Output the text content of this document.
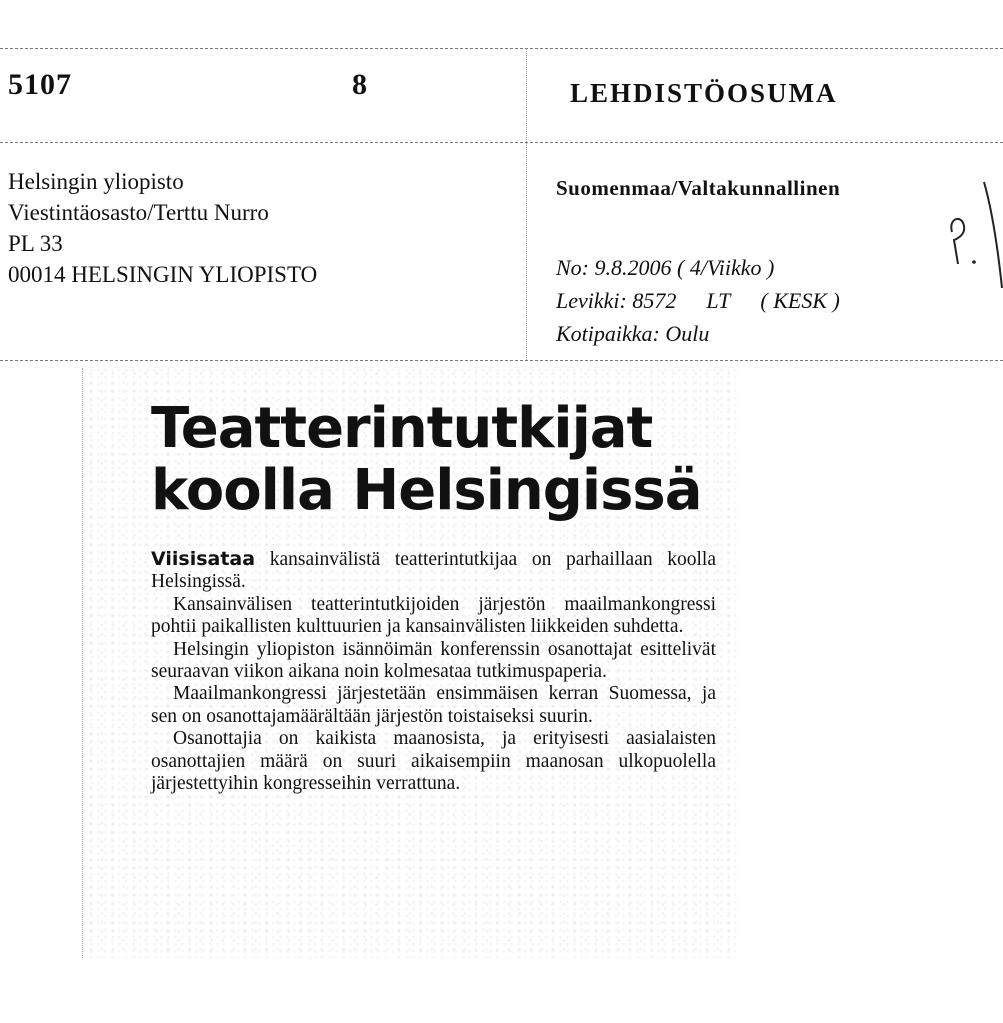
5107	8	LEHDISTÖOSUMA
Helsingin yliopisto
Viestintäosasto/Terttu Nurro
PL 33
00014 HELSINGIN YLIOPISTO
Suomenmaa/Valtakunnallinen
No: 9.8.2006 ( 4/Viikko )
Levikki: 8572 LT ( KESK )
Kotipaikka: Oulu
Teatterintutkijat
koolla Helsingissä

Viisisataa kansainvälistä teatterintutkijaa on parhaillaan koolla Helsingissä.

Kansainvälisen teatterintutkijoiden järjestön maailmankongressi pohtii paikallisten kulttuurien ja kansainvälisten liikkeiden suhdetta.

Helsingin yliopiston isännöimän konferenssin osanottajat esittelivät seuraavan viikon aikana noin kolmesataa tutkimuspaperia.

Maailmankongressi järjestetään ensimmäisen kerran Suomessa, ja sen on osanottajamäärältään järjestön toistaiseksi suurin.

Osanottajia on kaikista maanosista, ja erityisesti aasialaisten osanottajien määrä on suuri aikaisempiin maanosan ulkopuolella järjestettyihin kongresseihin verrattuna.
